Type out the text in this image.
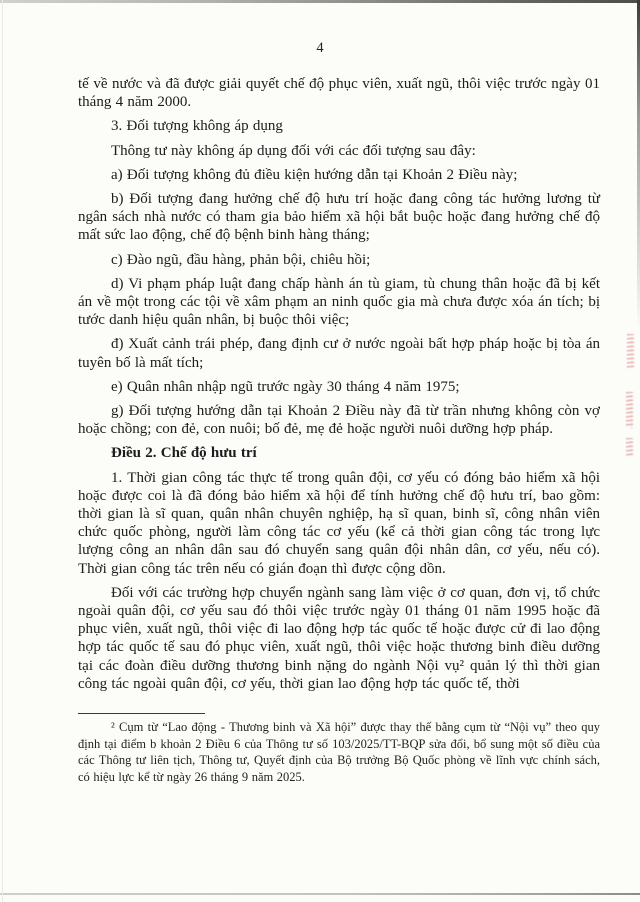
4

tế về nước và đã được giải quyết chế độ phục viên, xuất ngũ, thôi việc trước ngày 01 tháng 4 năm 2000.

3. Đối tượng không áp dụng

Thông tư này không áp dụng đối với các đối tượng sau đây:

a) Đối tượng không đủ điều kiện hướng dẫn tại Khoản 2 Điều này;

b) Đối tượng đang hưởng chế độ hưu trí hoặc đang công tác hưởng lương từ ngân sách nhà nước có tham gia bảo hiểm xã hội bắt buộc hoặc đang hưởng chế độ mất sức lao động, chế độ bệnh binh hàng tháng;

c) Đào ngũ, đầu hàng, phản bội, chiêu hồi;

d) Vi phạm pháp luật đang chấp hành án tù giam, tù chung thân hoặc đã bị kết án về một trong các tội về xâm phạm an ninh quốc gia mà chưa được xóa án tích; bị tước danh hiệu quân nhân, bị buộc thôi việc;

đ) Xuất cảnh trái phép, đang định cư ở nước ngoài bất hợp pháp hoặc bị tòa án tuyên bố là mất tích;

e) Quân nhân nhập ngũ trước ngày 30 tháng 4 năm 1975;

g) Đối tượng hướng dẫn tại Khoản 2 Điều này đã từ trần nhưng không còn vợ hoặc chồng; con đẻ, con nuôi; bố đẻ, mẹ đẻ hoặc người nuôi dưỡng hợp pháp.

Điều 2. Chế độ hưu trí

1. Thời gian công tác thực tế trong quân đội, cơ yếu có đóng bảo hiểm xã hội hoặc được coi là đã đóng bảo hiểm xã hội để tính hưởng chế độ hưu trí, bao gồm: thời gian là sĩ quan, quân nhân chuyên nghiệp, hạ sĩ quan, binh sĩ, công nhân viên chức quốc phòng, người làm công tác cơ yếu (kể cả thời gian công tác trong lực lượng công an nhân dân sau đó chuyển sang quân đội nhân dân, cơ yếu, nếu có). Thời gian công tác trên nếu có gián đoạn thì được cộng dồn.

Đối với các trường hợp chuyển ngành sang làm việc ở cơ quan, đơn vị, tổ chức ngoài quân đội, cơ yếu sau đó thôi việc trước ngày 01 tháng 01 năm 1995 hoặc đã phục viên, xuất ngũ, thôi việc đi lao động hợp tác quốc tế hoặc được cử đi lao động hợp tác quốc tế sau đó phục viên, xuất ngũ, thôi việc hoặc thương binh điều dưỡng tại các đoàn điều dưỡng thương binh nặng do ngành Nội vụ² quản lý thì thời gian công tác ngoài quân đội, cơ yếu, thời gian lao động hợp tác quốc tế, thời

² Cụm từ “Lao động - Thương binh và Xã hội” được thay thế bằng cụm từ “Nội vụ” theo quy định tại điểm b khoản 2 Điều 6 của Thông tư số 103/2025/TT-BQP sửa đổi, bổ sung một số điều của các Thông tư liên tịch, Thông tư, Quyết định của Bộ trưởng Bộ Quốc phòng về lĩnh vực chính sách, có hiệu lực kể từ ngày 26 tháng 9 năm 2025.
